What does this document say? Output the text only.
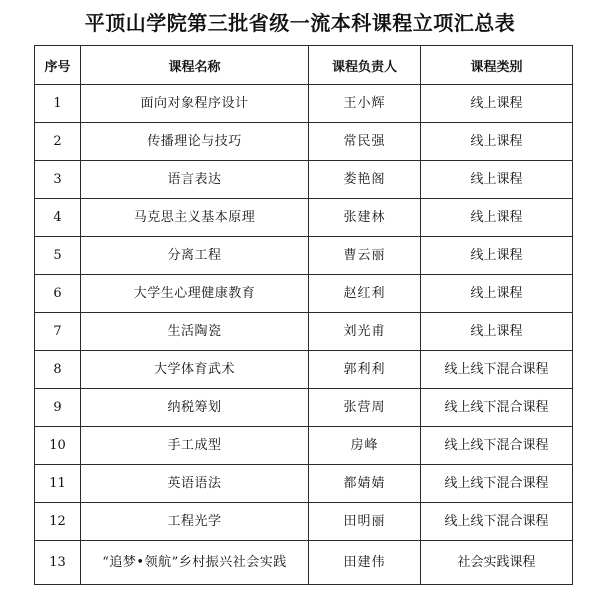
平顶山学院第三批省级一流本科课程立项汇总表
序号	课程名称	课程负责人	课程类别
1	面向对象程序设计	王小辉	线上课程
2	传播理论与技巧	常民强	线上课程
3	语言表达	娄艳阁	线上课程
4	马克思主义基本原理	张建林	线上课程
5	分离工程	曹云丽	线上课程
6	大学生心理健康教育	赵红利	线上课程
7	生活陶瓷	刘光甫	线上课程
8	大学体育武术	郭利利	线上线下混合课程
9	纳税筹划	张营周	线上线下混合课程
10	手工成型	房峰	线上线下混合课程
11	英语语法	都婧婧	线上线下混合课程
12	工程光学	田明丽	线上线下混合课程
13	“追梦•领航”乡村振兴社会实践	田建伟	社会实践课程
